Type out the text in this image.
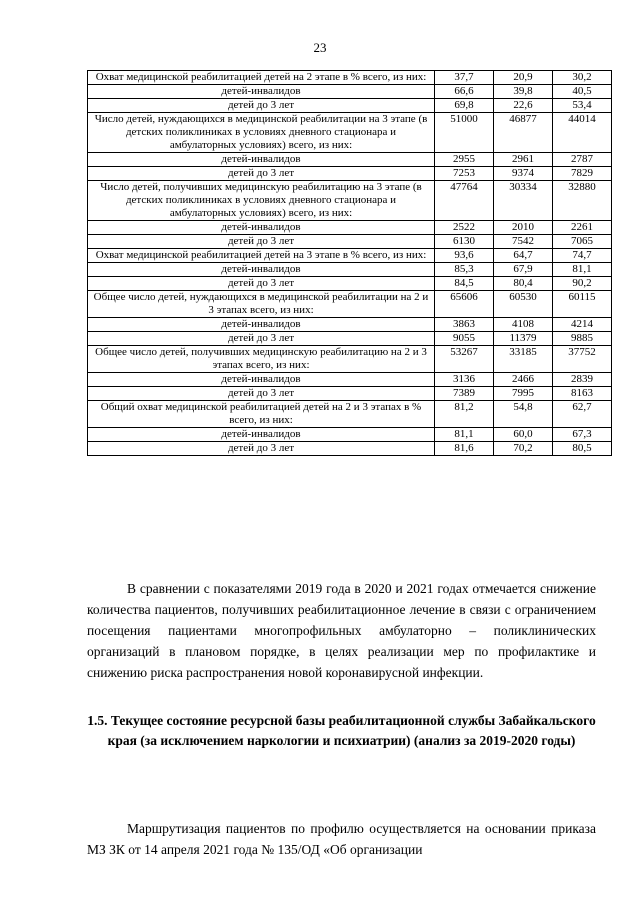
23
Охват медицинской реабилитацией детей на 2 этапе в % всего, из них:	37,7	20,9	30,2
детей-инвалидов	66,6	39,8	40,5
детей до 3 лет	69,8	22,6	53,4
Число детей, нуждающихся в медицинской реабилитации на 3 этапе (в детских поликлиниках в условиях дневного стационара и амбулаторных условиях) всего, из них:	51000	46877	44014
детей-инвалидов	2955	2961	2787
детей до 3 лет	7253	9374	7829
Число детей, получивших медицинскую реабилитацию на 3 этапе (в детских поликлиниках в условиях дневного стационара и амбулаторных условиях) всего, из них:	47764	30334	32880
детей-инвалидов	2522	2010	2261
детей до 3 лет	6130	7542	7065
Охват медицинской реабилитацией детей на 3 этапе в % всего, из них:	93,6	64,7	74,7
детей-инвалидов	85,3	67,9	81,1
детей до 3 лет	84,5	80,4	90,2
Общее число детей, нуждающихся в медицинской реабилитации на 2 и 3 этапах всего, из них:	65606	60530	60115
детей-инвалидов	3863	4108	4214
детей до 3 лет	9055	11379	9885
Общее число детей, получивших медицинскую реабилитацию на 2 и 3 этапах всего, из них:	53267	33185	37752
детей-инвалидов	3136	2466	2839
детей до 3 лет	7389	7995	8163
Общий охват медицинской реабилитацией детей на 2 и 3 этапах в % всего, из них:	81,2	54,8	62,7
детей-инвалидов	81,1	60,0	67,3
детей до 3 лет	81,6	70,2	80,5

В сравнении с показателями 2019 года в 2020 и 2021 годах отмечается снижение количества пациентов, получивших реабилитационное лечение в связи с ограничением посещения пациентами многопрофильных амбулаторно – поликлинических организаций в плановом порядке, в целях реализации мер по профилактике и снижению риска распространения новой коронавирусной инфекции.

1.5. Текущее состояние ресурсной базы реабилитационной службы Забайкальского края (за исключением наркологии и психиатрии) (анализ за 2019-2020 годы)

Маршрутизация пациентов по профилю осуществляется на основании приказа МЗ ЗК от 14 апреля 2021 года № 135/ОД «Об организации
